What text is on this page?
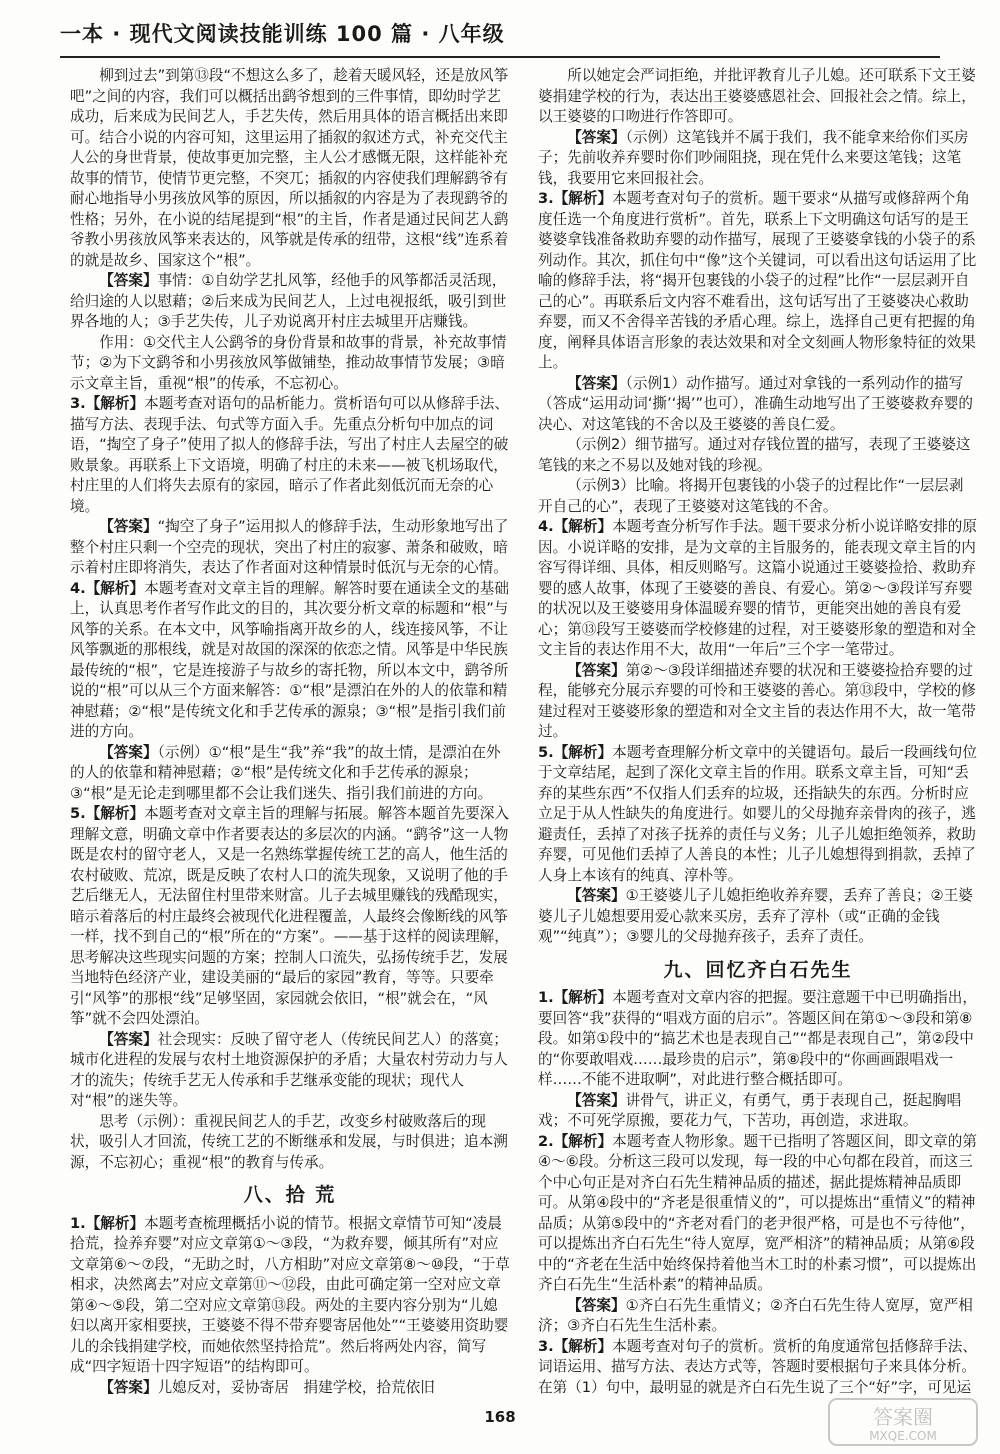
一本 · 现代文阅读技能训练 100 篇 · 八年级

柳到过去”到第⑬段“不想这么多了，趁着天暖风轻，还是放风筝吧”之间的内容，我们可以概括出鹞爷想到的三件事情，即幼时学艺成功，后来成为民间艺人，手艺失传，然后用具体的语言概括出来即可。结合小说的内容可知，这里运用了插叙的叙述方式，补充交代主人公的身世背景，使故事更加完整，主人公才感慨无限，这样能补充故事的情节，使情节更完整，不突兀；插叙的内容使我们理解鹞爷有耐心地指导小男孩放风筝的原因，所以插叙的内容是为了表现鹞爷的性格；另外，在小说的结尾提到“根”的主旨，作者是通过民间艺人鹞爷教小男孩放风筝来表达的，风筝就是传承的纽带，这根“线”连系着的就是故乡、国家这个“根”。

【答案】事情：①自幼学艺扎风筝，经他手的风筝都活灵活现，给归途的人以慰藉；②后来成为民间艺人，上过电视报纸，吸引到世界各地的人；③手艺失传，儿子劝说离开村庄去城里开店赚钱。

作用：①交代主人公鹞爷的身份背景和故事的背景，补充故事情节；②为下文鹞爷和小男孩放风筝做铺垫，推动故事情节发展；③暗示文章主旨，重视“根”的传承，不忘初心。

3.【解析】本题考查对语句的品析能力。赏析语句可以从修辞手法、描写方法、表现手法、句式等方面入手。先重点分析句中加点的词语，“掏空了身子”使用了拟人的修辞手法，写出了村庄人去屋空的破败景象。再联系上下文语境，明确了村庄的未来——被飞机场取代，村庄里的人们将失去原有的家园，暗示了作者此刻低沉而无奈的心境。

【答案】“掏空了身子”运用拟人的修辞手法，生动形象地写出了整个村庄只剩一个空壳的现状，突出了村庄的寂寥、萧条和破败，暗示着村庄即将消失，表达了作者面对这种情景时低沉与无奈的心情。

4.【解析】本题考查对文章主旨的理解。解答时要在通读全文的基础上，认真思考作者写作此文的目的，其次要分析文章的标题和“根”与风筝的关系。在本文中，风筝喻指离开故乡的人，线连接风筝，不让风筝飘逝的那根线，就是对故国的深深的依恋之情。风筝是中华民族最传统的“根”，它是连接游子与故乡的寄托物，所以本文中，鹞爷所说的“根”可以从三个方面来解答：①“根”是漂泊在外的人的依靠和精神慰藉；②“根”是传统文化和手艺传承的源泉；③“根”是指引我们前进的方向。

【答案】（示例）①“根”是生“我”养“我”的故土情，是漂泊在外的人的依靠和精神慰藉；②“根”是传统文化和手艺传承的源泉；③“根”是无论走到哪里都不会让我们迷失、指引我们前进的方向。

5.【解析】本题考查对文章主旨的理解与拓展。解答本题首先要深入理解文意，明确文章中作者要表达的多层次的内涵。“鹞爷”这一人物既是农村的留守老人，又是一名熟练掌握传统工艺的高人，他生活的农村破败、荒凉，既是反映了农村人口的流失现象，又说明了他的手艺后继无人，无法留住村里带来财富。儿子去城里赚钱的残酷现实，暗示着落后的村庄最终会被现代化进程覆盖，人最终会像断线的风筝一样，找不到自己的“根”所在的“方案”。——基于这样的阅读理解，思考解决这些现实问题的方案；控制人口流失，弘扬传统手艺，发展当地特色经济产业，建设美丽的“最后的家园”教育，等等。只要牵引“风筝”的那根“线”足够坚固，家园就会依旧，“根”就会在，“风筝”就不会四处漂泊。

【答案】社会现实：反映了留守老人（传统民间艺人）的落寞；城市化进程的发展与农村土地资源保护的矛盾；大量农村劳动力与人才的流失；传统手艺无人传承和手艺继承变能的现状；现代人对“根”的迷失等。

思考（示例）：重视民间艺人的手艺，改变乡村破败落后的现状，吸引人才回流，传统工艺的不断继承和发展，与时俱进；追本溯源，不忘初心；重视“根”的教育与传承。

八、拾 荒

1.【解析】本题考查梳理概括小说的情节。根据文章情节可知“凌晨拾荒，捡养弃婴”对应文章第①～③段，“为救弃婴，倾其所有”对应文章第⑥～⑦段，“无助之时，八方相助”对应文章第⑧～⑩段，“于草相求，决然离去”对应文章第⑪～⑫段，由此可确定第一空对应文章第④～⑤段，第二空对应文章第⑬段。两处的主要内容分别为“儿媳妇以离开家相要挟，王婆婆不得不带弃婴寄居他处”“王婆婆用资助婴儿的余钱捐建学校，而她依然坚持拾荒”。然后将两处内容，简写成“四字短语十四字短语”的结构即可。

【答案】儿媳反对，妥协寄居　捐建学校，拾荒依旧

所以她定会严词拒绝，并批评教育儿子儿媳。还可联系下文王婆婆捐建学校的行为，表达出王婆婆感恩社会、回报社会之情。综上，以王婆婆的口吻进行作答即可。

【答案】（示例）这笔钱并不属于我们，我不能拿来给你们买房子；先前收养弃婴时你们吵闹阻挠，现在凭什么来要这笔钱；这笔钱，我要用它来回报社会。

3.【解析】本题考查对句子的赏析。题干要求“从描写或修辞两个角度任选一个角度进行赏析”。首先，联系上下文明确这句话写的是王婆婆拿钱准备救助弃婴的动作描写，展现了王婆婆拿钱的小袋子的系列动作。其次，抓住句中“像”这个关键词，可以看出这句话运用了比喻的修辞手法，将“揭开包裹钱的小袋子的过程”比作“一层层剥开自己的心”。再联系后文内容不难看出，这句话写出了王婆婆决心救助弃婴，而又不舍得辛苦钱的矛盾心理。综上，选择自己更有把握的角度，阐释具体语言形象的表达效果和对全文刻画人物形象特征的效果上。

【答案】（示例1）动作描写。通过对拿钱的一系列动作的描写（答成“运用动词‘撕’‘揭’”也可），准确生动地写出了王婆婆救弃婴的决心、对这笔钱的不舍以及王婆婆的善良仁爱。

（示例2）细节描写。通过对存钱位置的描写，表现了王婆婆这笔钱的来之不易以及她对钱的珍视。

（示例3）比喻。将揭开包裹钱的小袋子的过程比作“一层层剥开自己的心”，表现了王婆婆对这笔钱的不舍。

4.【解析】本题考查分析写作手法。题干要求分析小说详略安排的原因。小说详略的安排，是为文章的主旨服务的，能表现文章主旨的内容写得详细、具体，相反则略写。这篇小说通过王婆婆捡拾、救助弃婴的感人故事，体现了王婆婆的善良、有爱心。第②～③段详写弃婴的状况以及王婆婆用身体温暖弃婴的情节，更能突出她的善良有爱心；第⑬段写王婆婆而学校修建的过程，对王婆婆形象的塑造和对全文主旨的表达作用不大，故用“一年后”三个字一笔带过。

【答案】第②～③段详细描述弃婴的状况和王婆婆捡拾弃婴的过程，能够充分展示弃婴的可怜和王婆婆的善心。第⑬段中，学校的修建过程对王婆婆形象的塑造和对全文主旨的表达作用不大，故一笔带过。

5.【解析】本题考查理解分析文章中的关键语句。最后一段画线句位于文章结尾，起到了深化文章主旨的作用。联系文章主旨，可知“丢弃的某些东西”不仅指人们丢弃的垃圾，还指缺失的东西。分析时应立足于从人性缺失的角度进行。如婴儿的父母抛弃亲骨肉的孩子，逃避责任，丢掉了对孩子抚养的责任与义务；儿子儿媳拒绝领养，救助弃婴，可见他们丢掉了人善良的本性；儿子儿媳想得到捐款，丢掉了人身上本该有的纯真、淳朴等。

【答案】①王婆婆儿子儿媳拒绝收养弃婴，丢弃了善良；②王婆婆儿子儿媳想要用爱心款来买房，丢弃了淳朴（或“正确的金钱观”“纯真”）；③婴儿的父母抛弃孩子，丢弃了责任。

九、回忆齐白石先生

1.【解析】本题考查对文章内容的把握。要注意题干中已明确指出，要回答“我”获得的“唱戏方面的启示”。答题区间在第①～③段和第⑧段。如第①段中的“搞艺术也是表现自己”“都是表现自己”，第②段中的“你要敢唱戏……最珍贵的启示”，第⑧段中的“你画画跟唱戏一样……不能不进取啊”，对此进行整合概括即可。

【答案】讲骨气，讲正义，有勇气，勇于表现自己，挺起胸唱戏；不可死学原搬，要花力气，下苦功，再创造，求进取。

2.【解析】本题考查人物形象。题干已指明了答题区间，即文章的第④～⑥段。分析这三段可以发现，每一段的中心句都在段首，而这三个中心句正是对齐白石先生精神品质的描述，据此提炼精神品质即可。从第④段中的“齐老是很重情义的”，可以提炼出“重情义”的精神品质；从第⑤段中的“齐老对看门的老尹很严格，可是也不亏待他”，可以提炼出齐白石先生“待人宽厚，宽严相济”的精神品质；从第⑥段中的“齐老在生活中始终保持着他当木工时的朴素习惯”，可以提炼出齐白石先生“生活朴素”的精神品质。

【答案】①齐白石先生重情义；②齐白石先生待人宽厚，宽严相济；③齐白石先生生活朴素。

3.【解析】本题考查对句子的赏析。赏析的角度通常包括修辞手法、词语运用、描写方法、表达方式等，答题时要根据句子来具体分析。在第（1）句中，最明显的就是齐白石先生说了三个“好”字，可见运

168	答案圈
MXQE.COM
